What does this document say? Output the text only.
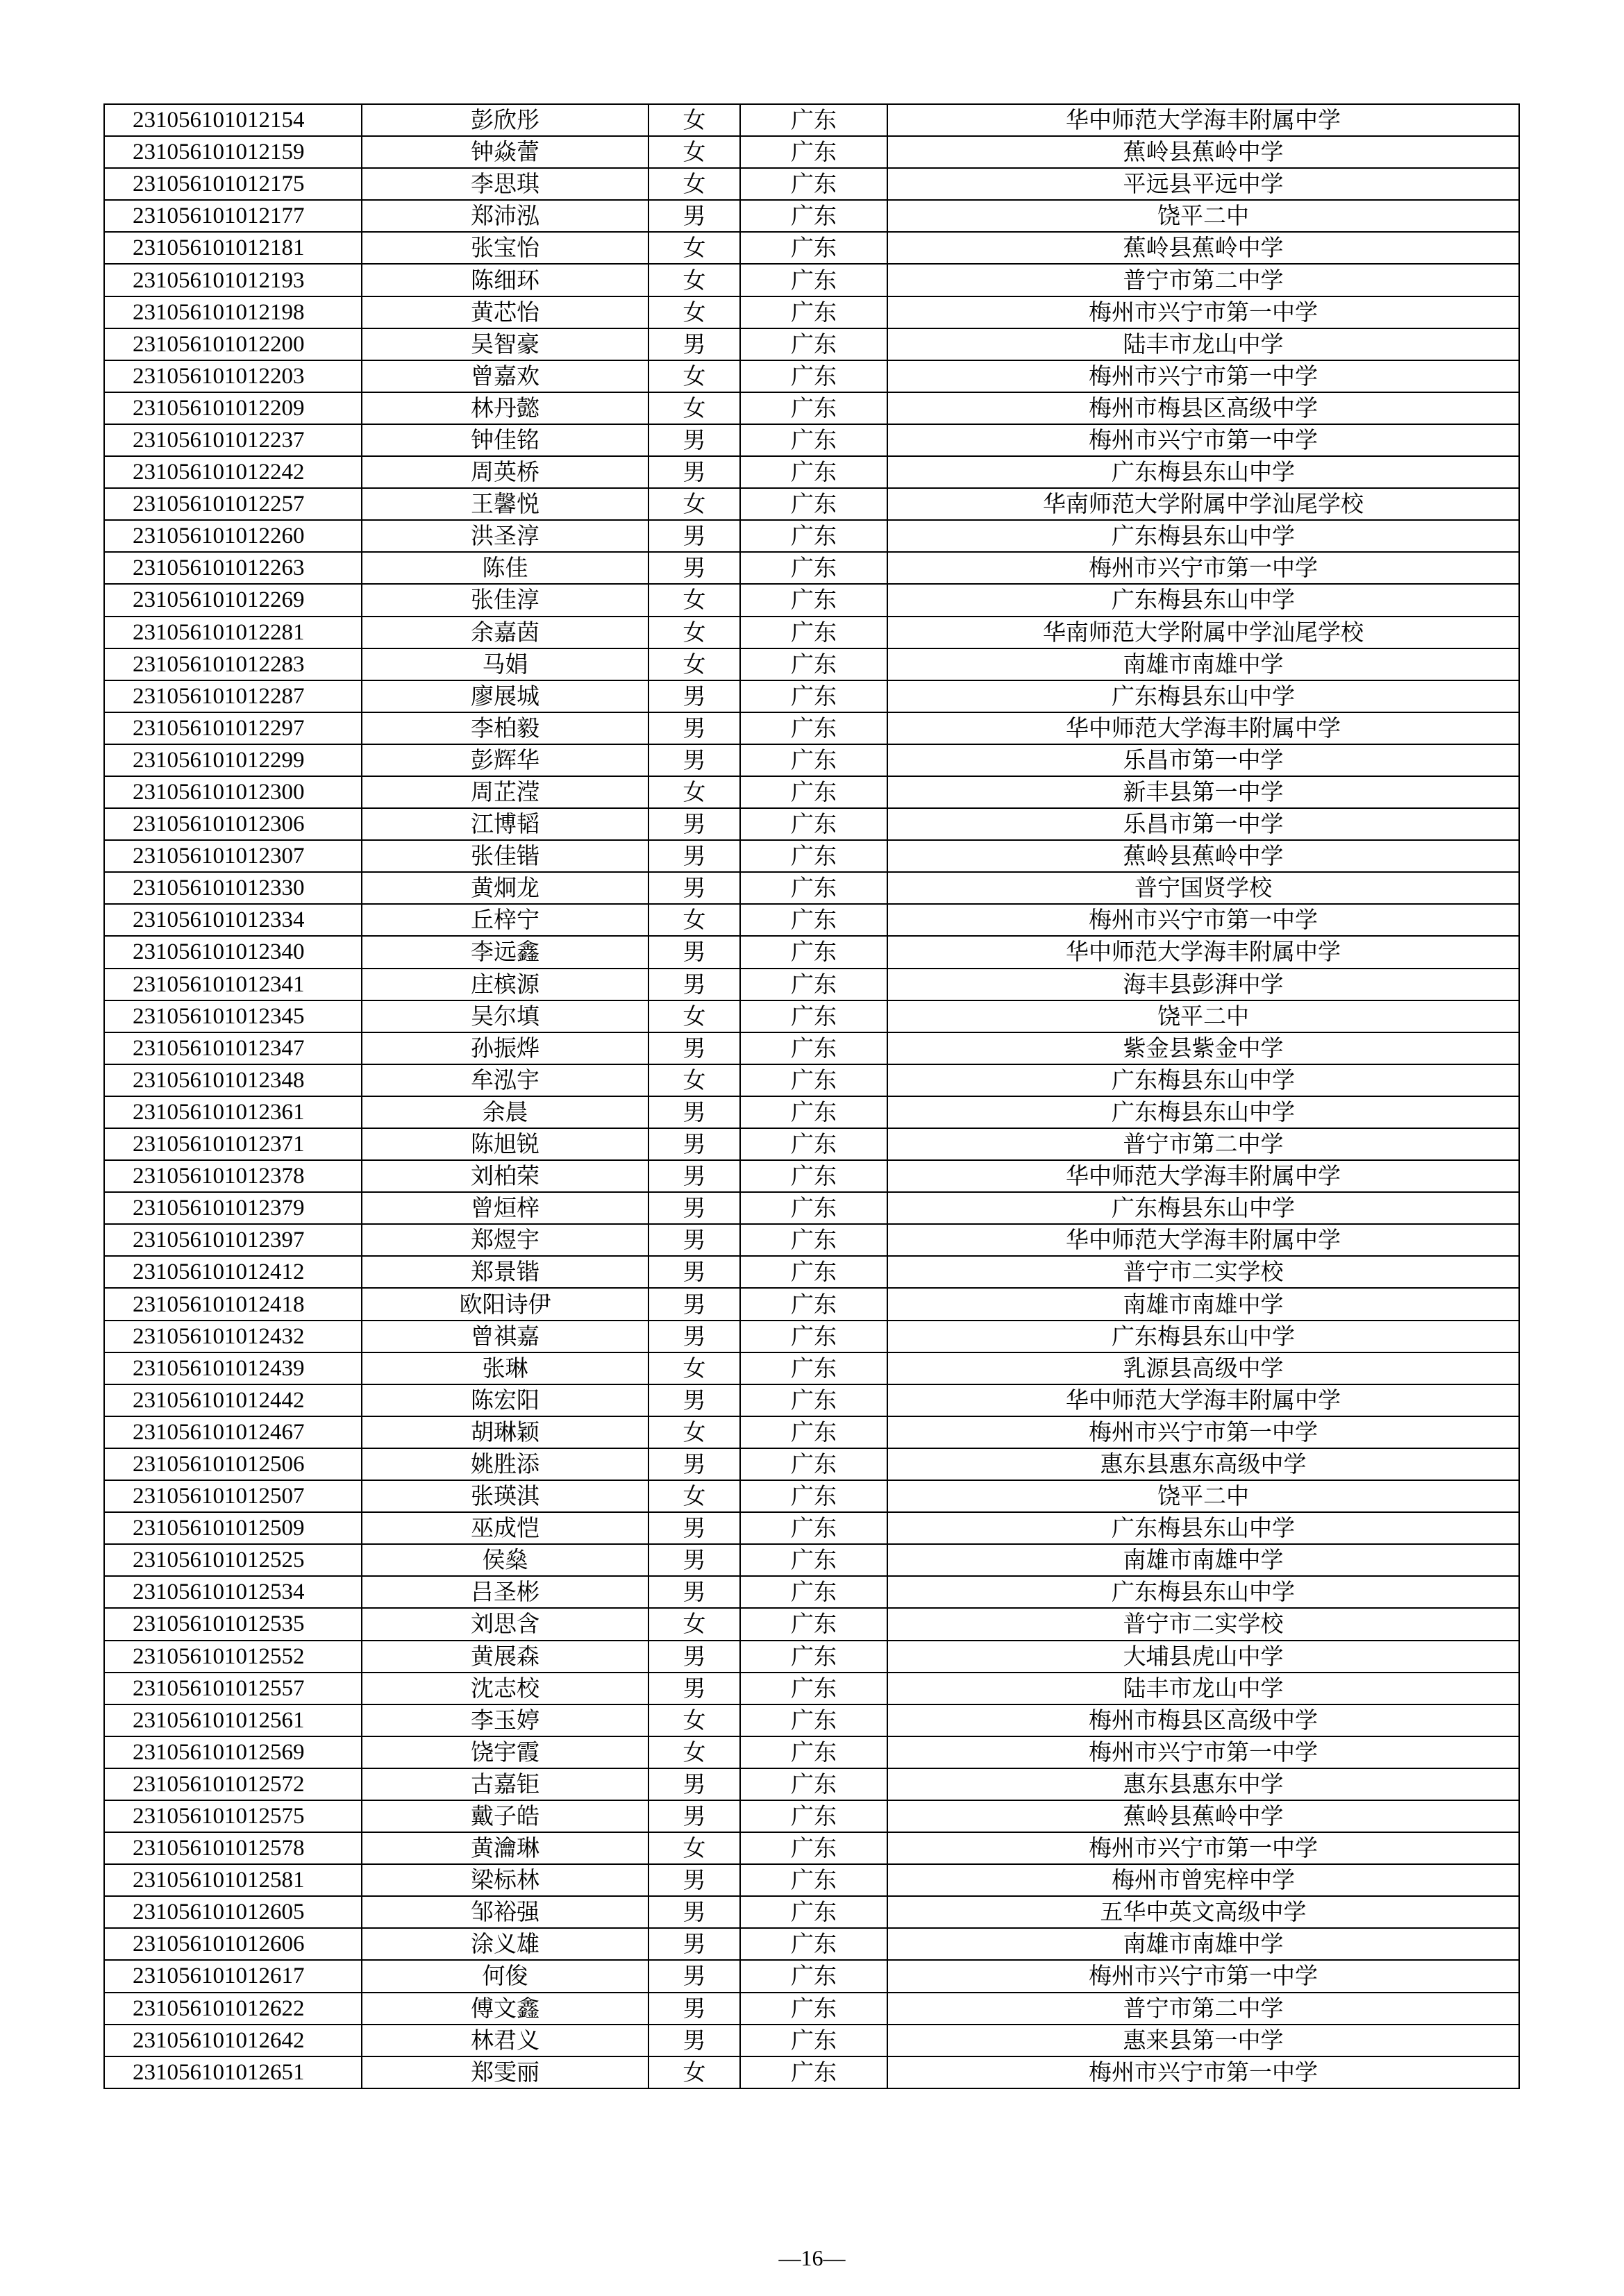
231056101012154	彭欣彤	女	广东	华中师范大学海丰附属中学
231056101012159	钟焱蕾	女	广东	蕉岭县蕉岭中学
231056101012175	李思琪	女	广东	平远县平远中学
231056101012177	郑沛泓	男	广东	饶平二中
231056101012181	张宝怡	女	广东	蕉岭县蕉岭中学
231056101012193	陈细环	女	广东	普宁市第二中学
231056101012198	黄芯怡	女	广东	梅州市兴宁市第一中学
231056101012200	吴智豪	男	广东	陆丰市龙山中学
231056101012203	曾嘉欢	女	广东	梅州市兴宁市第一中学
231056101012209	林丹懿	女	广东	梅州市梅县区高级中学
231056101012237	钟佳铭	男	广东	梅州市兴宁市第一中学
231056101012242	周英桥	男	广东	广东梅县东山中学
231056101012257	王馨悦	女	广东	华南师范大学附属中学汕尾学校
231056101012260	洪圣淳	男	广东	广东梅县东山中学
231056101012263	陈佳	男	广东	梅州市兴宁市第一中学
231056101012269	张佳淳	女	广东	广东梅县东山中学
231056101012281	余嘉茵	女	广东	华南师范大学附属中学汕尾学校
231056101012283	马娟	女	广东	南雄市南雄中学
231056101012287	廖展城	男	广东	广东梅县东山中学
231056101012297	李柏毅	男	广东	华中师范大学海丰附属中学
231056101012299	彭辉华	男	广东	乐昌市第一中学
231056101012300	周芷滢	女	广东	新丰县第一中学
231056101012306	江博韬	男	广东	乐昌市第一中学
231056101012307	张佳锴	男	广东	蕉岭县蕉岭中学
231056101012330	黄炯龙	男	广东	普宁国贤学校
231056101012334	丘梓宁	女	广东	梅州市兴宁市第一中学
231056101012340	李远鑫	男	广东	华中师范大学海丰附属中学
231056101012341	庄槟源	男	广东	海丰县彭湃中学
231056101012345	吴尔填	女	广东	饶平二中
231056101012347	孙振烨	男	广东	紫金县紫金中学
231056101012348	牟泓宇	女	广东	广东梅县东山中学
231056101012361	余晨	男	广东	广东梅县东山中学
231056101012371	陈旭锐	男	广东	普宁市第二中学
231056101012378	刘柏荣	男	广东	华中师范大学海丰附属中学
231056101012379	曾烜梓	男	广东	广东梅县东山中学
231056101012397	郑煜宇	男	广东	华中师范大学海丰附属中学
231056101012412	郑景锴	男	广东	普宁市二实学校
231056101012418	欧阳诗伊	男	广东	南雄市南雄中学
231056101012432	曾祺嘉	男	广东	广东梅县东山中学
231056101012439	张琳	女	广东	乳源县高级中学
231056101012442	陈宏阳	男	广东	华中师范大学海丰附属中学
231056101012467	胡琳颖	女	广东	梅州市兴宁市第一中学
231056101012506	姚胜添	男	广东	惠东县惠东高级中学
231056101012507	张瑛淇	女	广东	饶平二中
231056101012509	巫成恺	男	广东	广东梅县东山中学
231056101012525	侯燊	男	广东	南雄市南雄中学
231056101012534	吕圣彬	男	广东	广东梅县东山中学
231056101012535	刘思含	女	广东	普宁市二实学校
231056101012552	黄展森	男	广东	大埔县虎山中学
231056101012557	沈志校	男	广东	陆丰市龙山中学
231056101012561	李玉婷	女	广东	梅州市梅县区高级中学
231056101012569	饶宇霞	女	广东	梅州市兴宁市第一中学
231056101012572	古嘉钜	男	广东	惠东县惠东中学
231056101012575	戴子皓	男	广东	蕉岭县蕉岭中学
231056101012578	黄瀹琳	女	广东	梅州市兴宁市第一中学
231056101012581	梁标林	男	广东	梅州市曾宪梓中学
231056101012605	邹裕强	男	广东	五华中英文高级中学
231056101012606	涂义雄	男	广东	南雄市南雄中学
231056101012617	何俊	男	广东	梅州市兴宁市第一中学
231056101012622	傅文鑫	男	广东	普宁市第二中学
231056101012642	林君义	男	广东	惠来县第一中学
231056101012651	郑雯丽	女	广东	梅州市兴宁市第一中学
—16—
